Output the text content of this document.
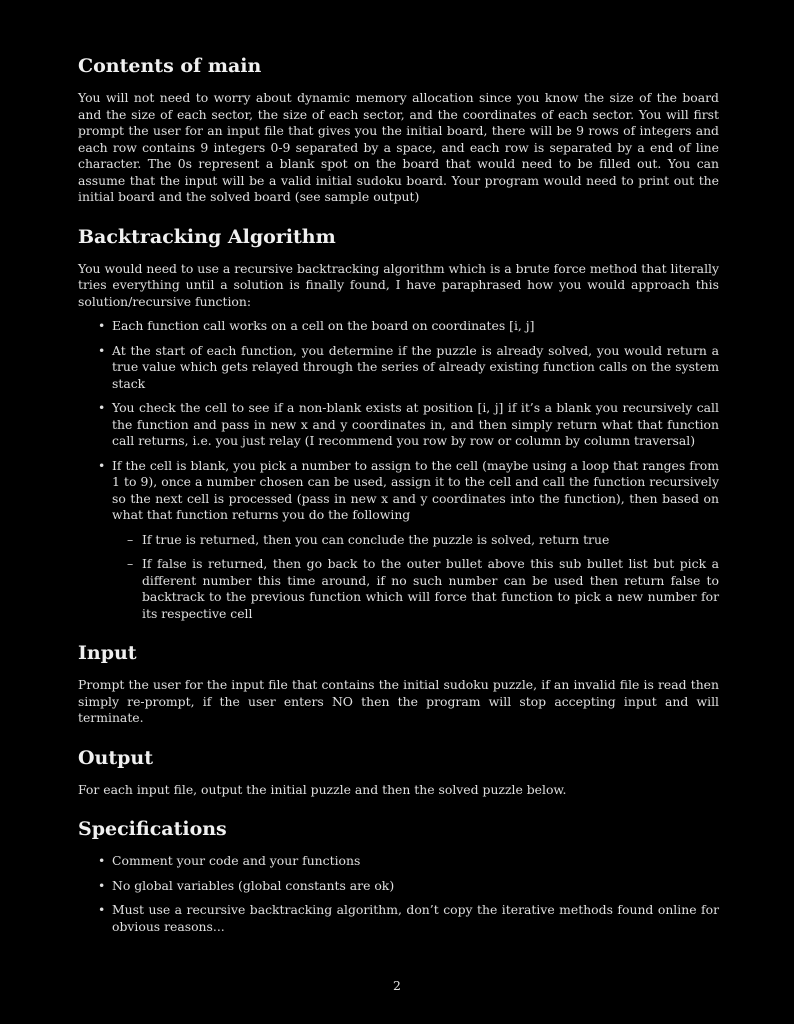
Contents of main

You will not need to worry about dynamic memory allocation since you know the size of the board and the size of each sector, the size of each sector, and the coordinates of each sector. You will first prompt the user for an input file that gives you the initial board, there will be 9 rows of integers and each row contains 9 integers 0-9 separated by a space, and each row is separated by a end of line character. The 0s represent a blank spot on the board that would need to be filled out. You can assume that the input will be a valid initial sudoku board. Your program would need to print out the initial board and the solved board (see sample output)

Backtracking Algorithm

You would need to use a recursive backtracking algorithm which is a brute force method that literally tries everything until a solution is finally found, I have paraphrased how you would approach this solution/recursive function:

• Each function call works on a cell on the board on coordinates [i, j]
• At the start of each function, you determine if the puzzle is already solved, you would return a true value which gets relayed through the series of already existing function calls on the system stack
• You check the cell to see if a non-blank exists at position [i, j] if it’s a blank you recursively call the function and pass in new x and y coordinates in, and then simply return what that function call returns, i.e. you just relay (I recommend you row by row or column by column traversal)
• If the cell is blank, you pick a number to assign to the cell (maybe using a loop that ranges from 1 to 9), once a number chosen can be used, assign it to the cell and call the function recursively so the next cell is processed (pass in new x and y coordinates into the function), then based on what that function returns you do the following
– If true is returned, then you can conclude the puzzle is solved, return true
– If false is returned, then go back to the outer bullet above this sub bullet list but pick a different number this time around, if no such number can be used then return false to backtrack to the previous function which will force that function to pick a new number for its respective cell
Input

Prompt the user for the input file that contains the initial sudoku puzzle, if an invalid file is read then simply re-prompt, if the user enters NO then the program will stop accepting input and will terminate.

Output

For each input file, output the initial puzzle and then the solved puzzle below.

Specifications
• Comment your code and your functions
• No global variables (global constants are ok)
• Must use a recursive backtracking algorithm, don’t copy the iterative methods found online for obvious reasons...
2
